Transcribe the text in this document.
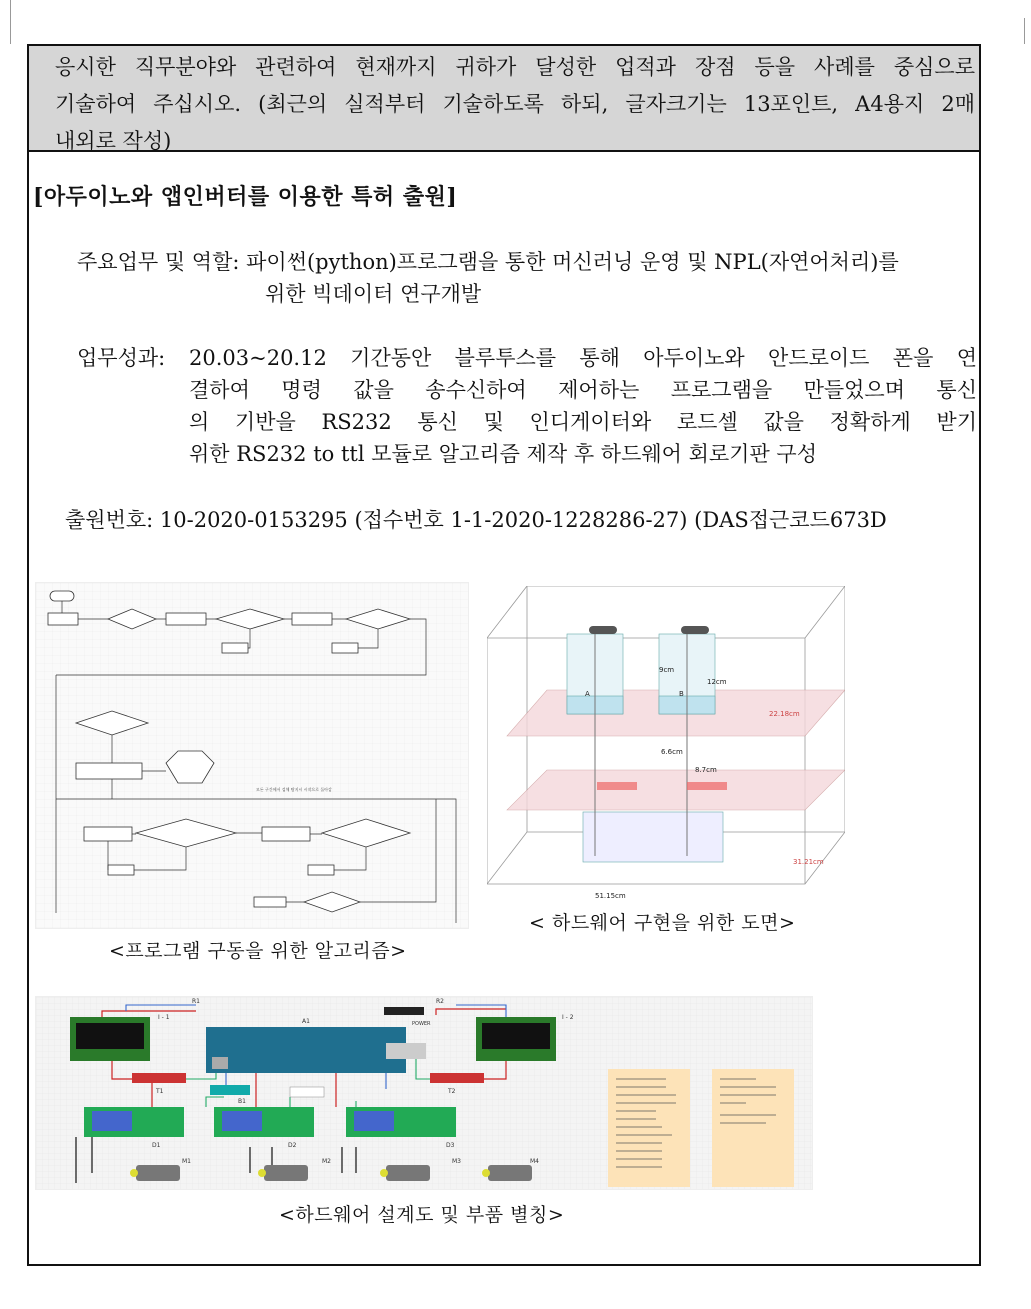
응시한 직무분야와 관련하여 현재까지 귀하가 달성한 업적과 장점 등을 사례를 중심으로
기술하여 주십시오. (최근의 실적부터 기술하도록 하되, 글자크기는 13포인트, A4용지 2매
내외로 작성)
[아두이노와 앱인버터를 이용한 특허 출원]
주요업무 및 역할: 파이썬(python)프로그램을 통한 머신러닝 운영 및 NPL(자연어처리)를
위한 빅데이터 연구개발
업무성과: 20.03~20.12 기간동안 블루투스를 통해 아두이노와 안드로이드 폰을 연
결하여 명령 값을 송수신하여 제어하는 프로그램을 만들었으며 통신
의 기반을 RS232 통신 및 인디게이터와 로드셀 값을 정확하게 받기
위한 RS232 to ttl 모듈로 알고리즘 제작 후 하드웨어 회로기판 구성
출원번호: 10-2020-0153295 (접수번호 1-1-2020-1228286-27) (DAS접근코드673D
모든 구간에서 검체 탐지시 시작으로 돌아감
<프로그램 구동을 위한 알고리즘>
A	B
9cm
12cm
22.18cm
6.6cm
8.7cm
51.15cm
31.21cm
< 하드웨어 구현을 위한 도면>
R1	R2
A1
I - 1	I - 2
T1	T2
B1
D1	D2	D3
M1	M2	M3	M4
POWER
<하드웨어 설계도 및 부품 별칭>
